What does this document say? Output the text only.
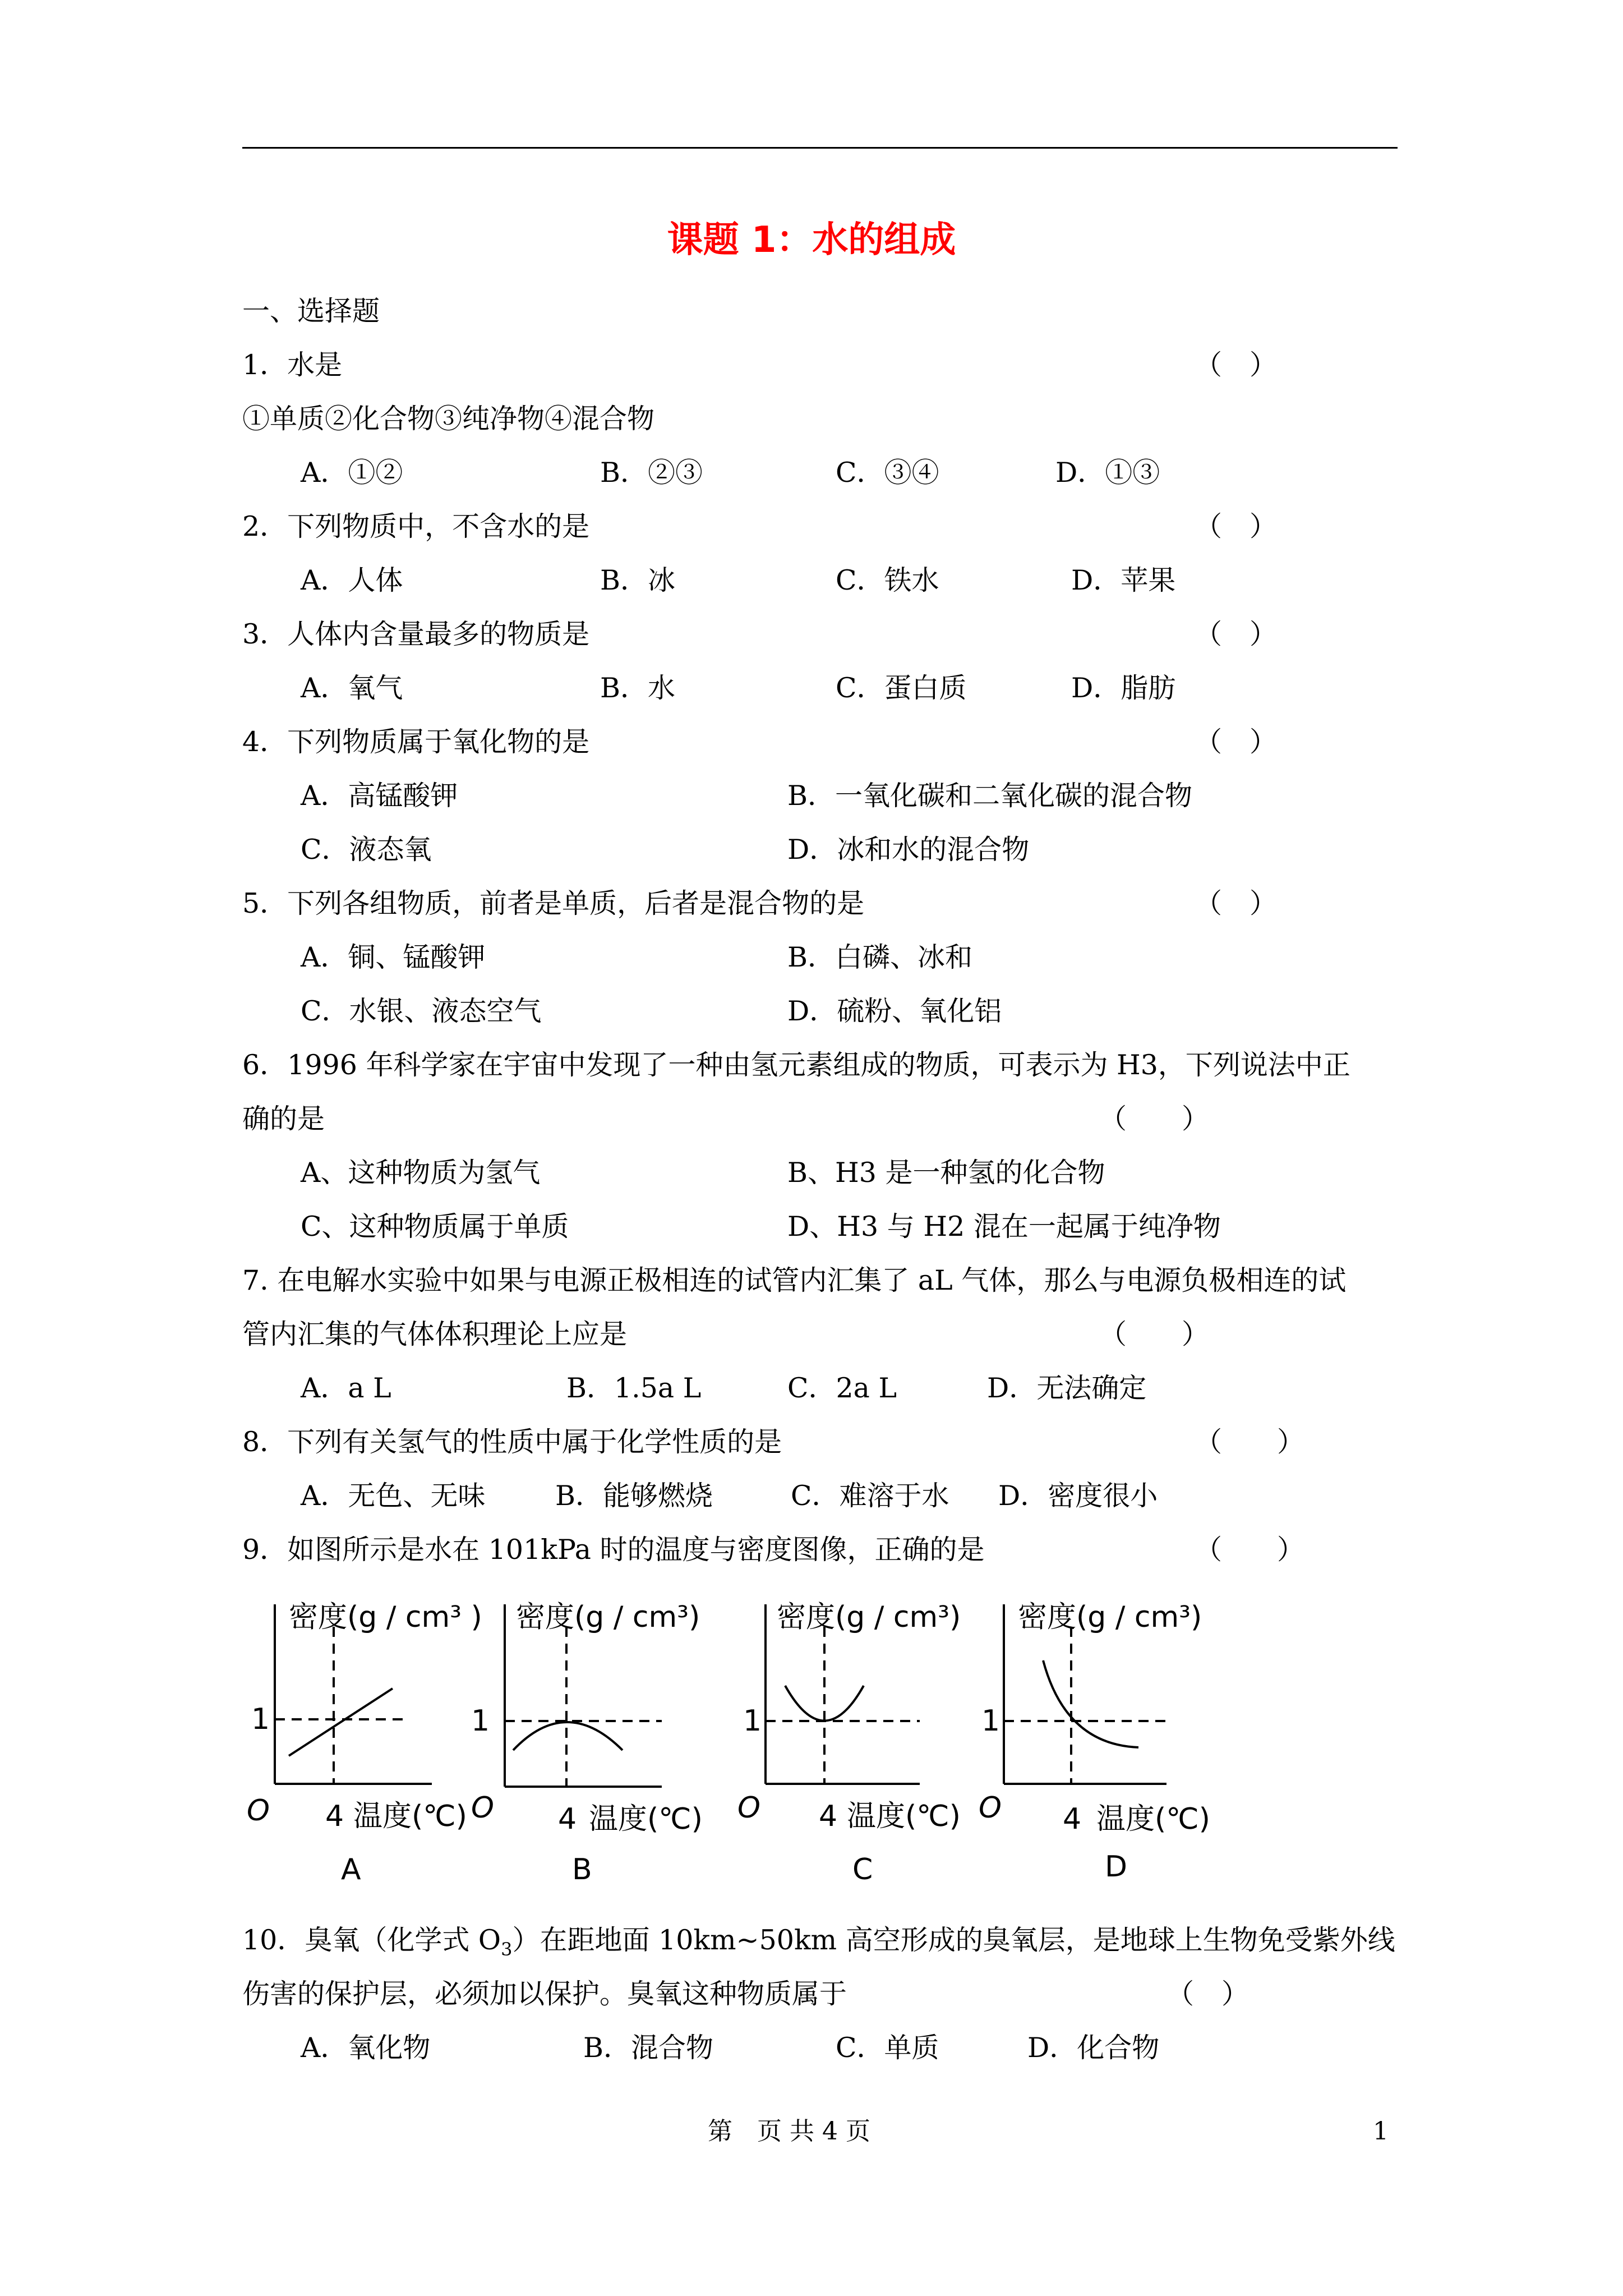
课题 1：水的组成
一、选择题
1．水是	（　）
①单质②化合物③纯净物④混合物
A．①②	B．②③	C．③④	D．①③
2．下列物质中，不含水的是	（　）
A．人体	B．冰	C．铁水	D．苹果
3．人体内含量最多的物质是	（　）
A．氧气	B．水	C．蛋白质	D．脂肪
4．下列物质属于氧化物的是	（　）
A．高锰酸钾	B．一氧化碳和二氧化碳的混合物
C．液态氧	D．冰和水的混合物
5．下列各组物质，前者是单质，后者是混合物的是	（　）
A．铜、锰酸钾	B．白磷、冰和
C．水银、液态空气	D．硫粉、氧化铝
6．1996 年科学家在宇宙中发现了一种由氢元素组成的物质，可表示为 H3，下列说法中正
确的是	（　　）
A、这种物质为氢气	B、H3 是一种氢的化合物
C、这种物质属于单质	D、H3 与 H2 混在一起属于纯净物
7. 在电解水实验中如果与电源正极相连的试管内汇集了 aL 气体，那么与电源负极相连的试
管内汇集的气体体积理论上应是	（　　）
A．a L	B．1.5a L	C．2a L	D．无法确定
8．下列有关氢气的性质中属于化学性质的是	（　　）
A．无色、无味	B．能够燃烧	C．难溶于水 D．密度很小
9．如图所示是水在 101kPa 时的温度与密度图像，正确的是	（　　）
密度(g / cm³ )
1
O 4 温度(℃)
A
密度(g / cm³)
1
O 4 温度(℃)
B
密度(g / cm³)
1
O 4 温度(℃)
C
密度(g / cm³)
1
O 4 温度(℃)
D
10．臭氧（化学式 $O_3$）在距地面 10km~50km 高空形成的臭氧层，是地球上生物免受紫外线
伤害的保护层，必须加以保护。臭氧这种物质属于	（　）
A．氧化物	B．混合物	C．单质	D．化合物
第　页 共 4 页	1
